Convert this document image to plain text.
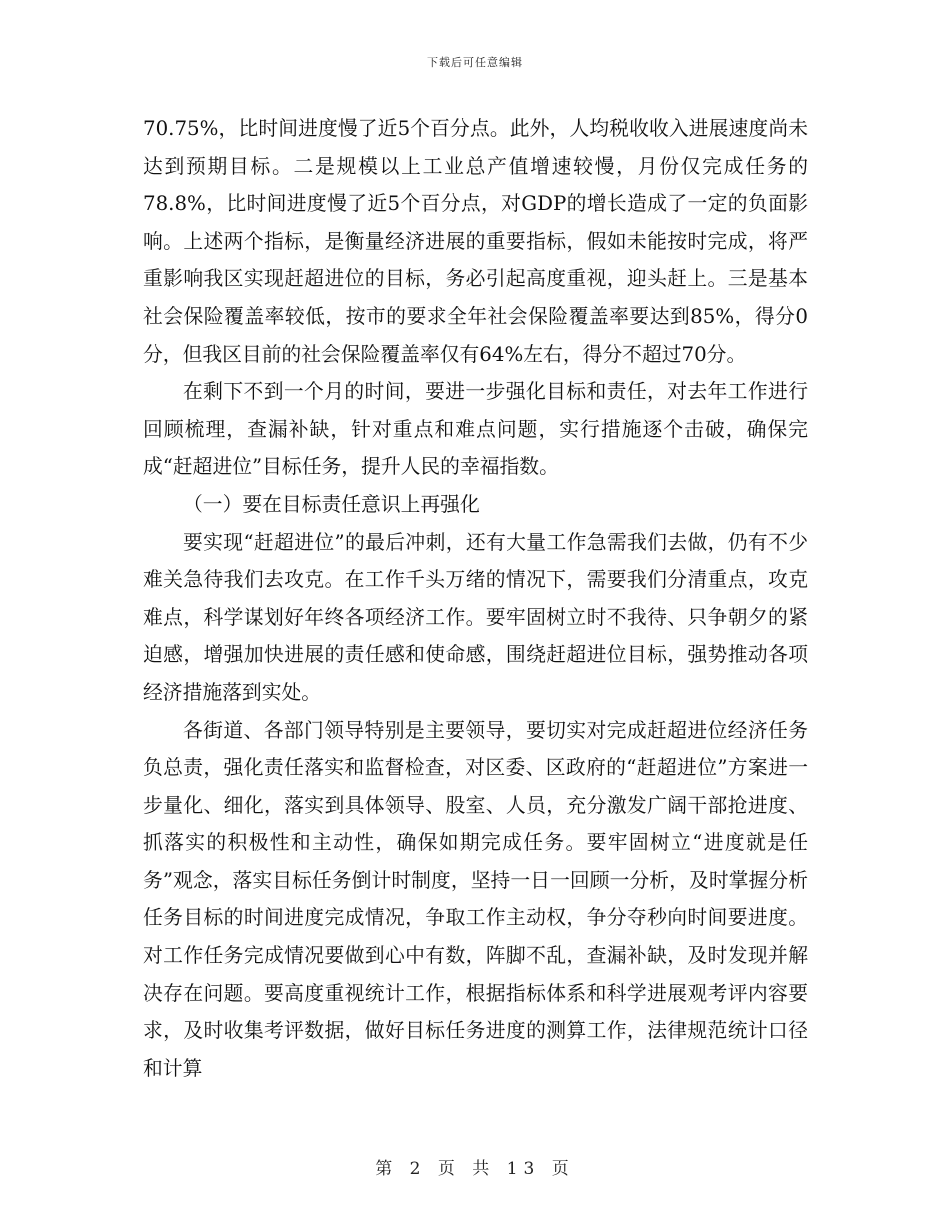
下载后可任意编辑

70.75%，比时间进度慢了近5个百分点。此外，人均税收收入进展速度尚未达到预期目标。二是规模以上工业总产值增速较慢，月份仅完成任务的78.8%，比时间进度慢了近5个百分点，对GDP的增长造成了一定的负面影响。上述两个指标，是衡量经济进展的重要指标，假如未能按时完成，将严重影响我区实现赶超进位的目标，务必引起高度重视，迎头赶上。三是基本社会保险覆盖率较低，按市的要求全年社会保险覆盖率要达到85%，得分0分，但我区目前的社会保险覆盖率仅有64%左右，得分不超过70分。

在剩下不到一个月的时间，要进一步强化目标和责任，对去年工作进行回顾梳理，查漏补缺，针对重点和难点问题，实行措施逐个击破，确保完成“赶超进位”目标任务，提升人民的幸福指数。

（一）要在目标责任意识上再强化

要实现“赶超进位”的最后冲刺，还有大量工作急需我们去做，仍有不少难关急待我们去攻克。在工作千头万绪的情况下，需要我们分清重点，攻克难点，科学谋划好年终各项经济工作。要牢固树立时不我待、只争朝夕的紧迫感，增强加快进展的责任感和使命感，围绕赶超进位目标，强势推动各项经济措施落到实处。

各街道、各部门领导特别是主要领导，要切实对完成赶超进位经济任务负总责，强化责任落实和监督检查，对区委、区政府的“赶超进位”方案进一步量化、细化，落实到具体领导、股室、人员，充分激发广阔干部抢进度、抓落实的积极性和主动性，确保如期完成任务。要牢固树立“进度就是任务”观念，落实目标任务倒计时制度，坚持一日一回顾一分析，及时掌握分析任务目标的时间进度完成情况，争取工作主动权，争分夺秒向时间要进度。对工作任务完成情况要做到心中有数，阵脚不乱，查漏补缺，及时发现并解决存在问题。要高度重视统计工作，根据指标体系和科学进展观考评内容要求，及时收集考评数据，做好目标任务进度的测算工作，法律规范统计口径和计算

第 2 页 共 13 页
